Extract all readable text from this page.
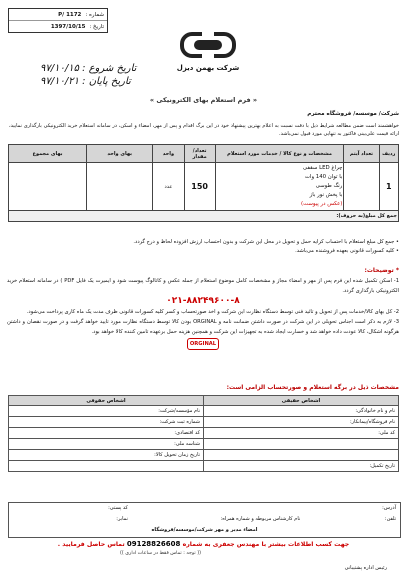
شماره :
P/ 1172
تاریخ :
1397/10/15
تاریخ شروع : ۹۷/۱۰/۱۵
تاریخ پایان : ۹۷/۱۰/۲۱
شرکت بهمن دیزل
« فرم استعلام بهای الکترونیکی »
شرکت/ موسسه/ فروشگاه محترم
خواهشمند است ضمن مطالعه شرایط ذیل با دقت نسبت به اعلام بهترین پیشنهاد خود در این برگ اقدام و پس از مهر، امضاء و اسکن، در سامانه استعلام خرید الکترونیکی بارگذاری نمایید، ارائه قیمت علی‌بینی فاکتور به تنهایی مورد قبول نمی‌باشد.
ردیف	تعداد آیتم	مشخصات و نوع کالا / خدمات مورد استعلام	تعداد/ مقدار	واحد	بهای واحد	بهای مجموع
1		چراغ LED سقفی
با توان 140 وات
رنگ طوسی
با پخش نور باز
(عکس در پیوست)	150	عدد		
جمع کل مبلغ(به حروف):						
• جمع کل مبلغ استعلام با احتساب کرایه حمل و تحویل در محل این شرکت و بدون احتساب ارزش افزوده لحاظ و درج گردد.
• کلیه کسورات قانونی بعهده فروشنده می‌باشد.
* توضیحات:
1- اسکن تکمیل شده این فرم پس از مهر و امضاء مجاز و مشخصات کامل موضوع استعلام از جمله عکس و کاتالوگ پیوست شود و ایمیرت یک فایل PDF ) در سامانه استعلام خرید الکترونیکی بارگذاری گردد.
۰۲۱-۸۸۲۴۹۶۰۰-۸
2- کل بهای کالا/خدمات پس از تحویل و تائید فنی توسط دستگاه نظارت این شرکت و اخذ صورتحساب و کسر کلیه کسورات قانونی ظرف مدت یک ماه کاری پرداخت می‌شود.
3- لازم به ذکر است اجناس تحویلی در این شرکت در صورت داشتن ضمانت نامه و ORGINAL بودن کالا توسط دستگاه نظارت مورد تایید خواهد گرفت و در صورت نقصان و داشتن هرگونه اشکال، کالا عودت داده خواهد شد و خسارت ایجاد شده به تجهیزات این شرکت و همچنین هزینه حمل برعهده تامین کننده کالا خواهد بود.
ORGINAL
مشخصات ذیل در برگه استعلام و صورتحساب الزامی است:
اشخاص حقیقی	اشخاص حقوقی
نام و نام خانوادگی:	نام مؤسسه/شرکت:
نام فروشگاه/پیمانکار:	شماره ثبت شرکت:
کد ملی:	کد اقتصادی:
	شناسه ملی:
	تاریخ زمان تحویل کالا:
تاریخ تکمیل:	
آدرس:
کد پستی:
تلفن:
نام کارشناس مربوطه و شماره همراه:
نمابر:
امضاء مدیر و مهر شرکت/موسسه/فروشگاه
جهت کسب اطلاعات بیشتر با مهندس جعفری به شماره 09128826608 تماس حاصل فرمایید .
(( توجه : تماس فقط در ساعات اداری ))
رئیس اداره پشتیبانی
